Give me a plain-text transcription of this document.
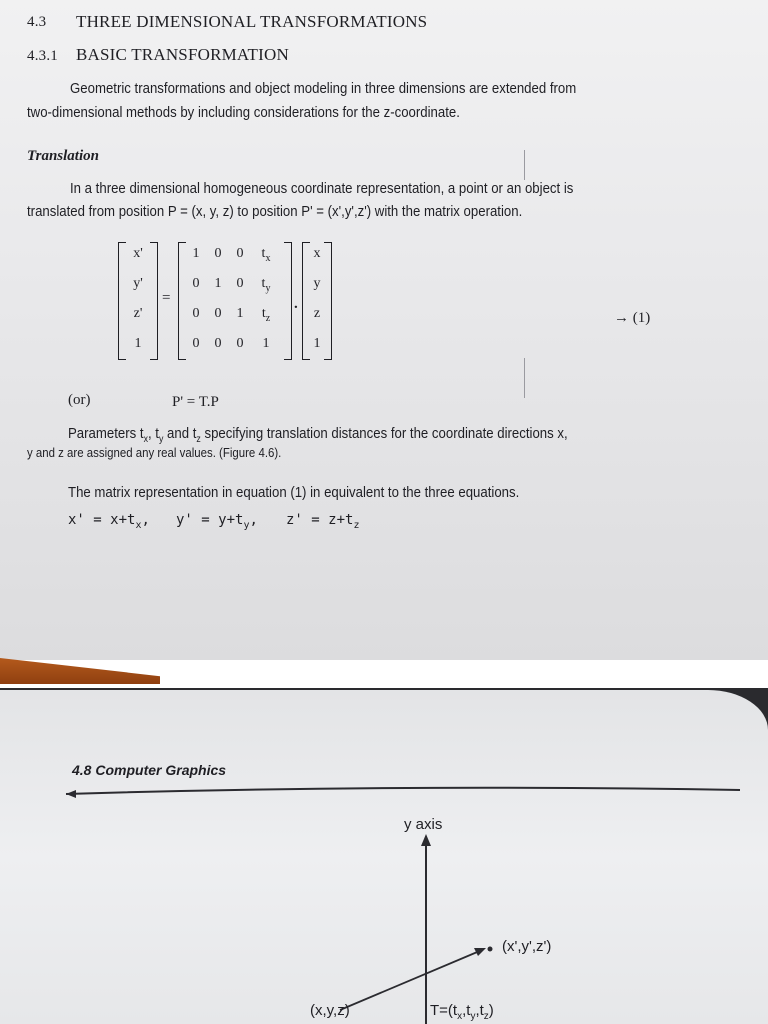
4.3 THREE DIMENSIONAL TRANSFORMATIONS
4.3.1 BASIC TRANSFORMATION
Geometric transformations and object modeling in three dimensions are extended from
two-dimensional methods by including considerations for the z-coordinate.
Translation
In a three dimensional homogeneous coordinate representation, a point or an object is
translated from position P = (x, y, z) to position P' = (x',y',z') with the matrix operation.
x'
y'
z'
1
=
1	0	0	$t_x$
0	1	0	$t_y$
0	0	1	$t_z$
0	0	0	1
.
x
y
z
1
→ (1)
(or)	P' = T.P
Parameters $t_x$, $t_y$ and $t_z$ specifying translation distances for the coordinate directions x,
y and z are assigned any real values. (Figure 4.6).
The matrix representation in equation (1) in equivalent to the three equations.
$x' = x+t_x$, $y' = y+t_y$, $z' = z+t_z$
4.8 Computer Graphics
y axis
(x',y',z')
(x,y,z)	$T=(t_x,t_y,t_z)$
